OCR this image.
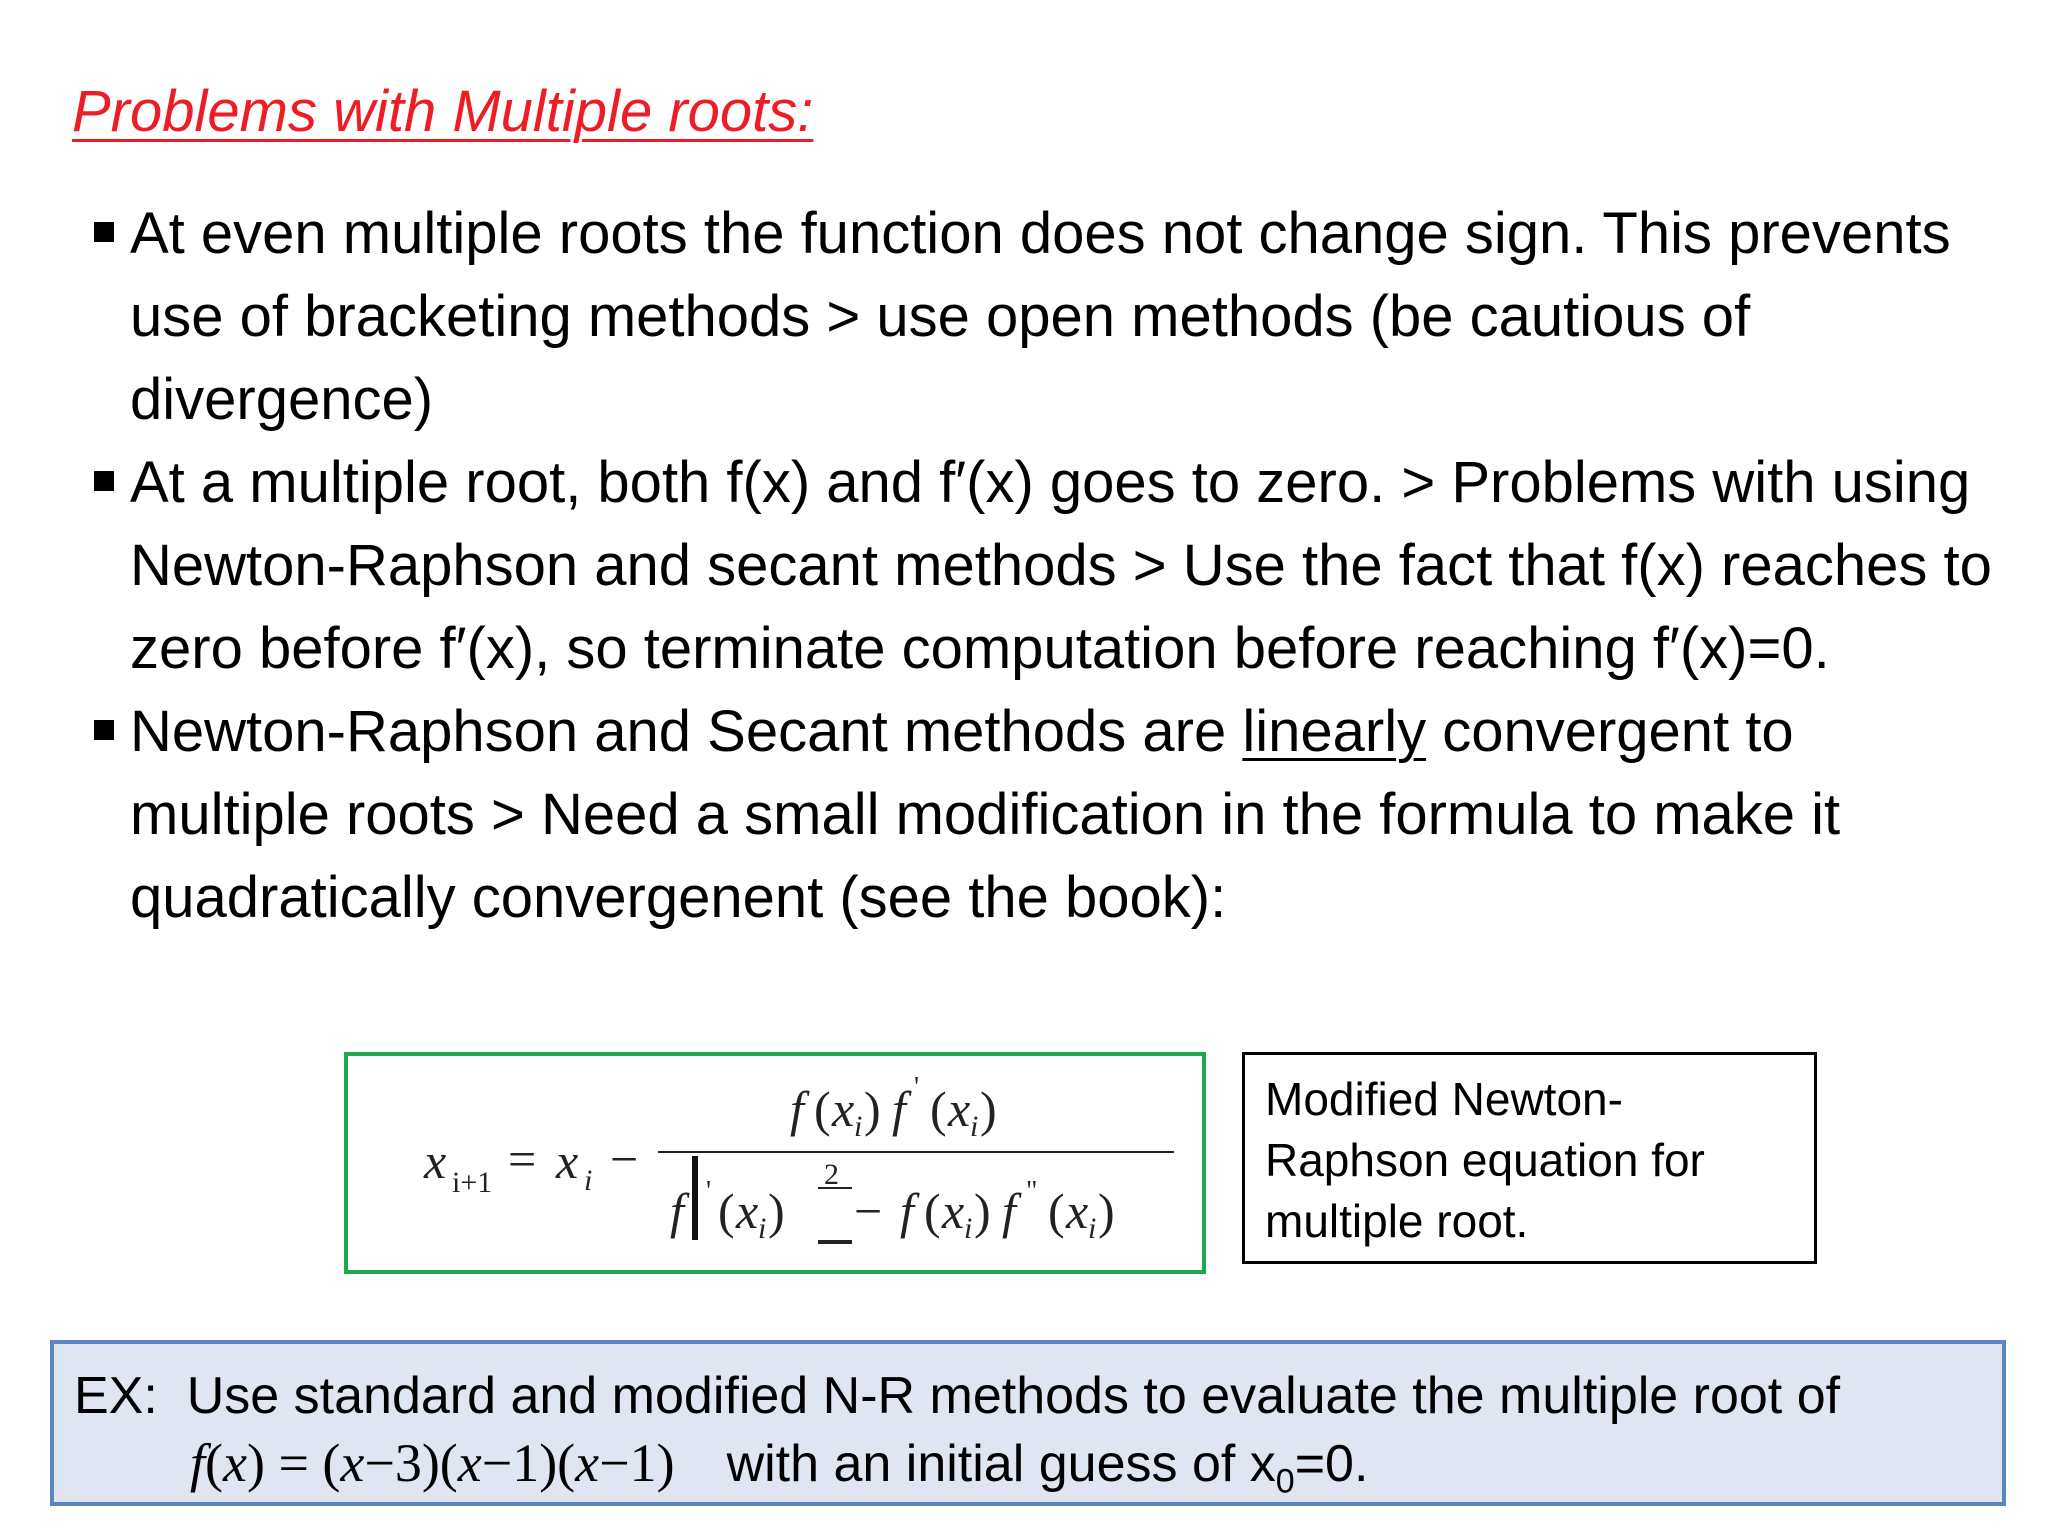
Problems with Multiple roots:
At even multiple roots the function does not change sign. This prevents use of bracketing methods > use open methods (be cautious of divergence)
At a multiple root, both f(x) and f′(x) goes to zero. > Problems with using Newton-Raphson and secant methods > Use the fact that f(x) reaches to zero before f′(x), so terminate computation before reaching f′(x)=0.
Newton-Raphson and Secant methods are linearly convergent to multiple roots > Need a small modification in the formula to make it quadratically convergenent (see the book):
x i+1 = x i −
f ( x i ) f ' ( x i )
f ' ( x i )
2
− f ( x i ) f " ( x i )
Modified Newton-Raphson equation for multiple root.
EX: Use standard and modified N-R methods to evaluate the multiple root of
f(x) = (x−3)(x−1)(x−1) with an initial guess of $x_0=0$.
